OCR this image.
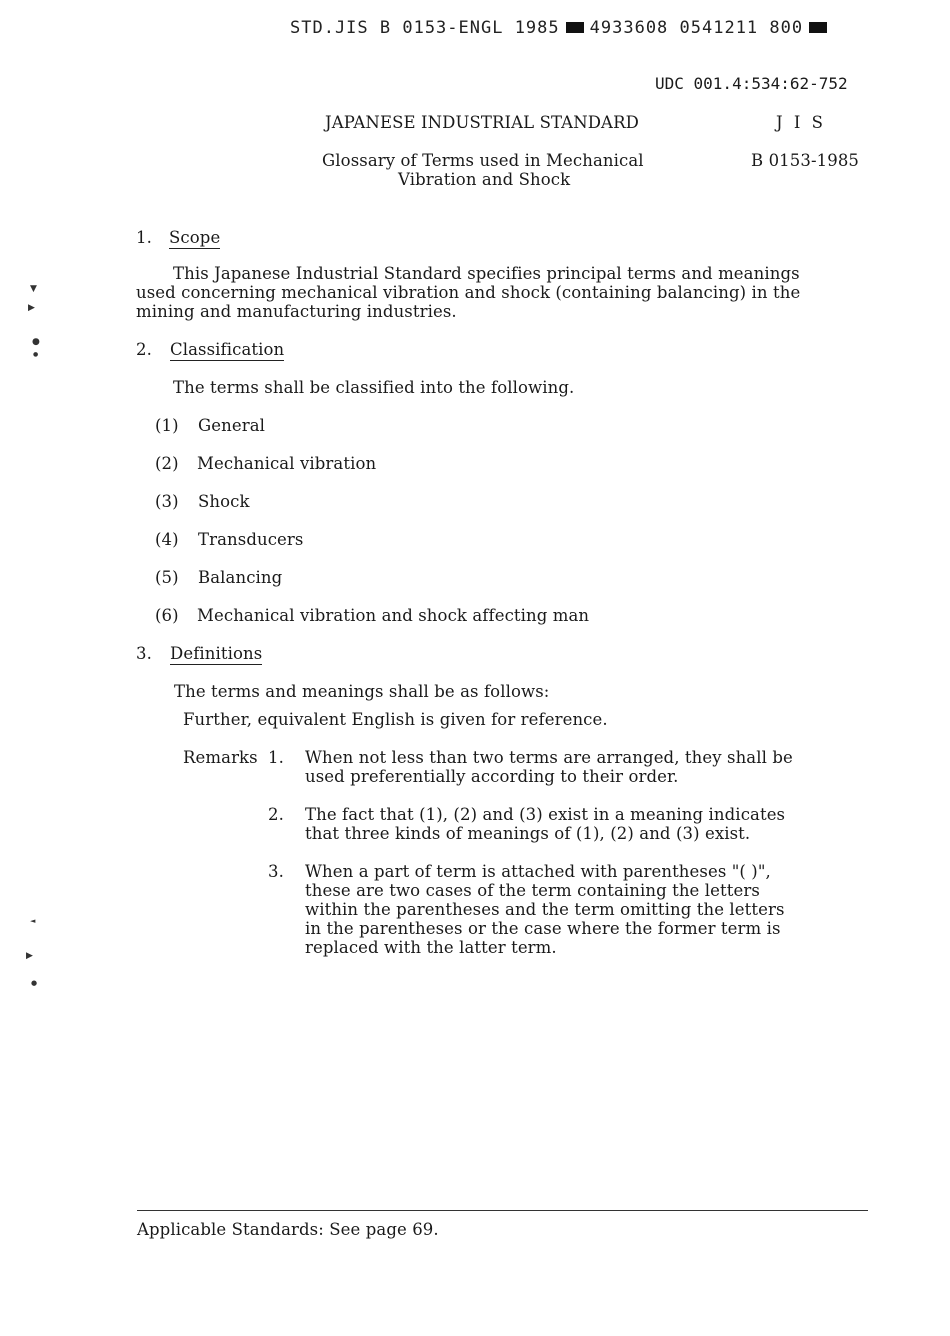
STD.JIS B 0153-ENGL 1985 4933608 0541211 800
UDC 001.4:534:62-752
JAPANESE INDUSTRIAL STANDARD	J I S
Glossary of Terms used in Mechanical
Vibration and Shock
B 0153-1985
1. Scope
This Japanese Industrial Standard specifies principal terms and meanings
used concerning mechanical vibration and shock (containing balancing) in the
mining and manufacturing industries.
2. Classification
The terms shall be classified into the following.
(1) General
(2) Mechanical vibration
(3) Shock
(4) Transducers
(5) Balancing
(6) Mechanical vibration and shock affecting man
3. Definitions
The terms and meanings shall be as follows:
Further, equivalent English is given for reference.
Remarks 1. When not less than two terms are arranged, they shall be
used preferentially according to their order.
2. The fact that (1), (2) and (3) exist in a meaning indicates
that three kinds of meanings of (1), (2) and (3) exist.
3. When a part of term is attached with parentheses "( )",
these are two cases of the term containing the letters
within the parentheses and the term omitting the letters
in the parentheses or the case where the former term is
replaced with the latter term.
Applicable Standards: See page 69.
▼
▶
●
●
◄
▶
●
